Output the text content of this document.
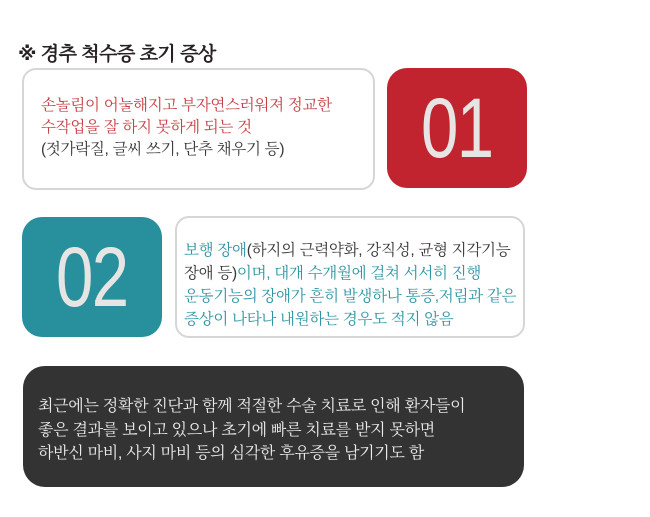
※ 경추 척수증 초기 증상
손놀림이 어눌해지고 부자연스러워져 정교한
수작업을 잘 하지 못하게 되는 것
(젓가락질, 글씨 쓰기, 단추 채우기 등)	01
02	보행 장애(하지의 근력약화, 강직성, 균형 지각기능
장애 등)이며, 대개 수개월에 걸쳐 서서히 진행
운동기능의 장애가 흔히 발생하나 통증,저림과 같은
증상이 나타나 내원하는 경우도 적지 않음
최근에는 정확한 진단과 함께 적절한 수술 치료로 인해 환자들이
좋은 결과를 보이고 있으나 초기에 빠른 치료를 받지 못하면
하반신 마비, 사지 마비 등의 심각한 후유증을 남기기도 함
